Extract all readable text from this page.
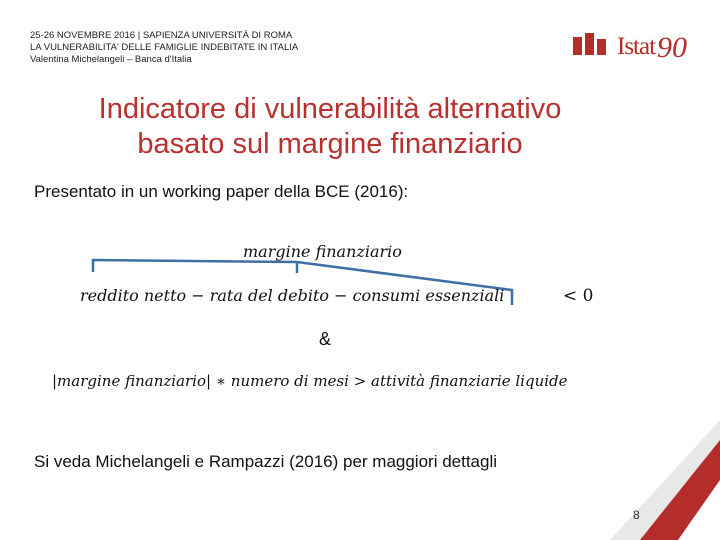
25-26 NOVEMBRE 2016 | SAPIENZA UNIVERSITÀ DI ROMA
LA VULNERABILITA' DELLE FAMIGLIE INDEBITATE IN ITALIA
Valentina Michelangeli – Banca d'Italia	Istat 90
Indicatore di vulnerabilità alternativo
basato sul margine finanziario
Presentato in un working paper della BCE (2016):
margine finanziario
reddito netto − rata del debito − consumi essenziali	< 0
&
|margine finanziario| ∗ numero di mesi > attività finanziarie liquide
Si veda Michelangeli e Rampazzi (2016) per maggiori dettagli
8
